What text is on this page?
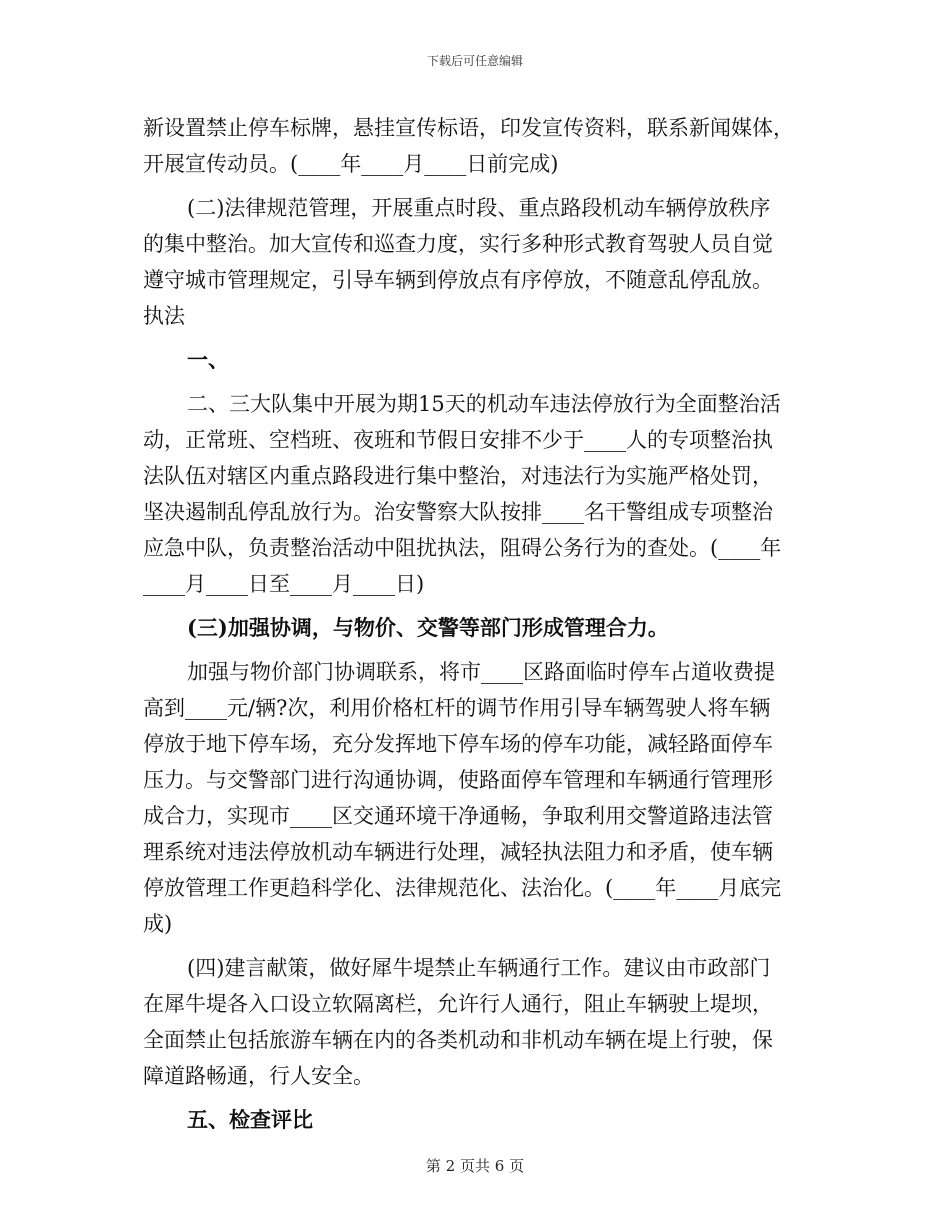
下载后可任意编辑
新设置禁止停车标牌，悬挂宣传标语，印发宣传资料，联系新闻媒体，
开展宣传动员。(____年____月____日前完成)
(二)法律规范管理，开展重点时段、重点路段机动车辆停放秩序
的集中整治。加大宣传和巡查力度，实行多种形式教育驾驶人员自觉
遵守城市管理规定，引导车辆到停放点有序停放，不随意乱停乱放。
执法
一、
二、三大队集中开展为期15天的机动车违法停放行为全面整治活
动，正常班、空档班、夜班和节假日安排不少于____人的专项整治执
法队伍对辖区内重点路段进行集中整治，对违法行为实施严格处罚，
坚决遏制乱停乱放行为。治安警察大队按排____名干警组成专项整治
应急中队，负责整治活动中阻扰执法，阻碍公务行为的查处。(____年
____月____日至____月____日)
(三)加强协调，与物价、交警等部门形成管理合力。
加强与物价部门协调联系，将市____区路面临时停车占道收费提
高到____元/辆?次，利用价格杠杆的调节作用引导车辆驾驶人将车辆
停放于地下停车场，充分发挥地下停车场的停车功能，减轻路面停车
压力。与交警部门进行沟通协调，使路面停车管理和车辆通行管理形
成合力，实现市____区交通环境干净通畅，争取利用交警道路违法管
理系统对违法停放机动车辆进行处理，减轻执法阻力和矛盾，使车辆
停放管理工作更趋科学化、法律规范化、法治化。(____年____月底完
成)
(四)建言献策，做好犀牛堤禁止车辆通行工作。建议由市政部门
在犀牛堤各入口设立软隔离栏，允许行人通行，阻止车辆驶上堤坝，
全面禁止包括旅游车辆在内的各类机动和非机动车辆在堤上行驶，保
障道路畅通，行人安全。
五、检查评比
第 2 页共 6 页
